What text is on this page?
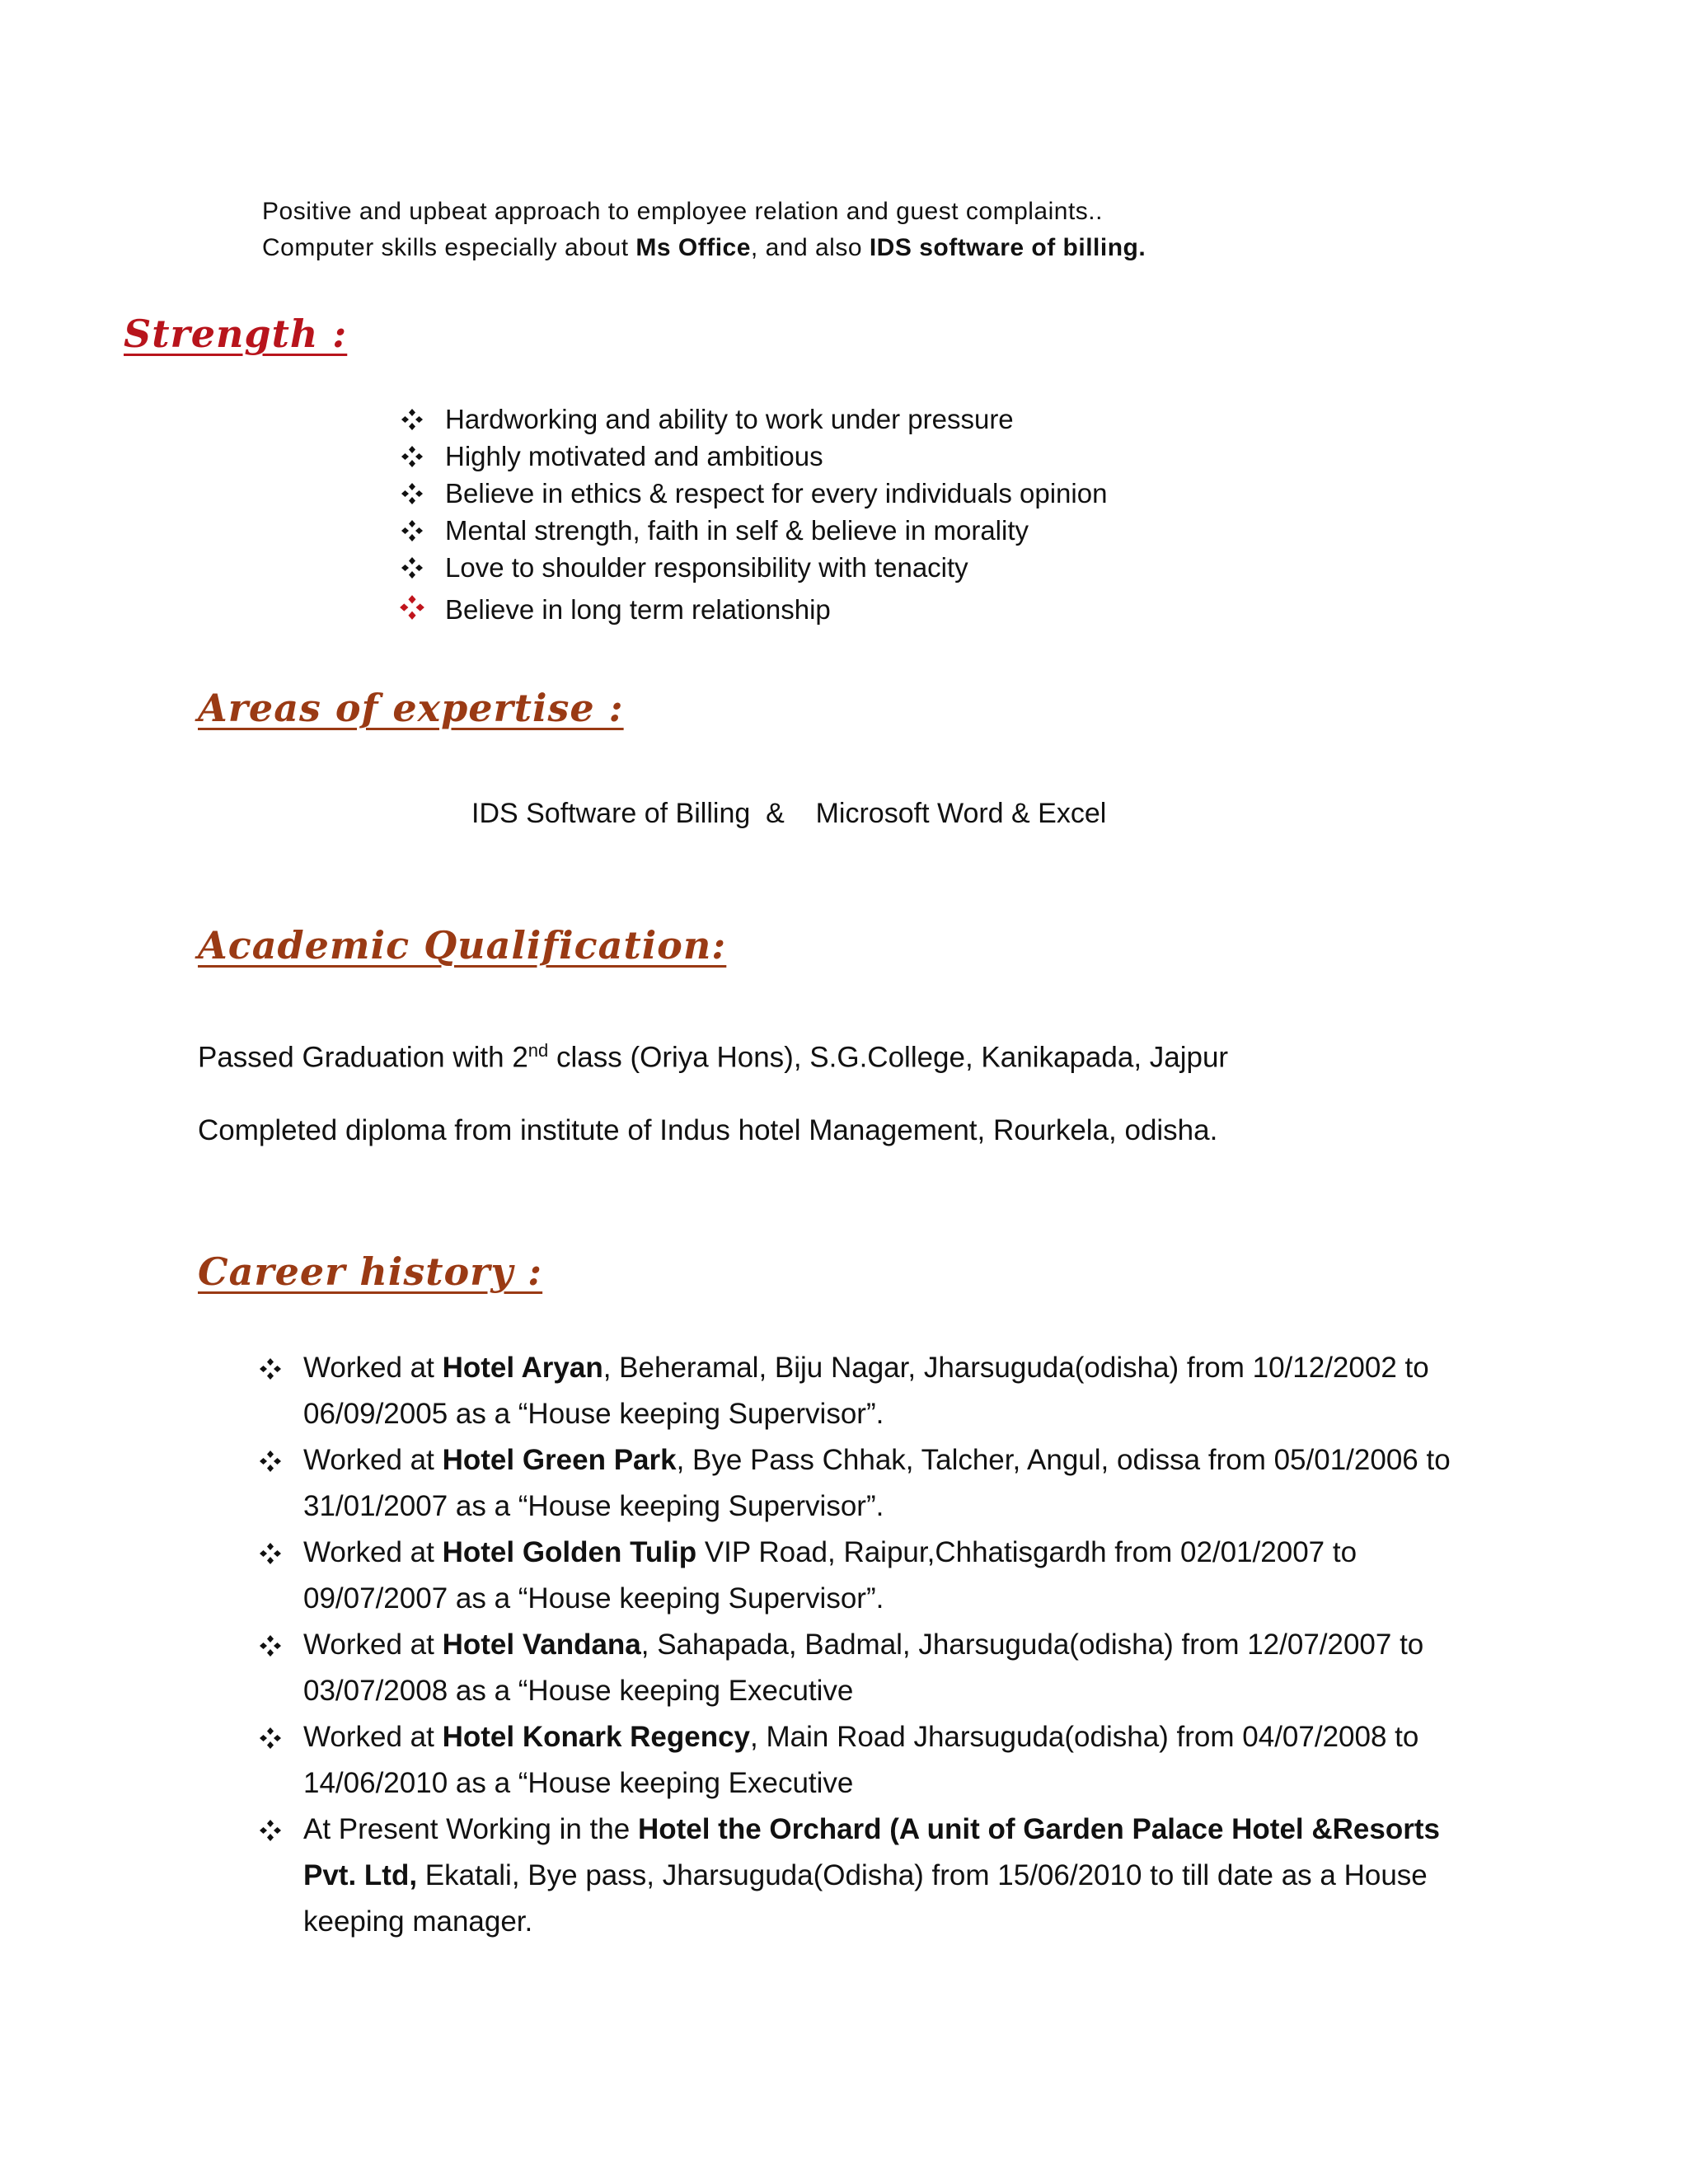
Positive and upbeat approach to employee relation and guest complaints..
Computer skills especially about Ms Office, and also IDS software of billing.
Strength :
Hardworking and ability to work under pressure
Highly motivated and ambitious
Believe in ethics & respect for every individuals opinion
Mental strength, faith in self & believe in morality
Love to shoulder responsibility with tenacity
Believe in long term relationship
Areas of expertise :
IDS Software of Billing  &    Microsoft Word & Excel
Academic Qualification:
Passed Graduation with 2nd class (Oriya Hons), S.G.College, Kanikapada, Jajpur
Completed diploma from institute of Indus hotel Management, Rourkela, odisha.
Career history :
Worked at Hotel Aryan, Beheramal, Biju Nagar, Jharsuguda(odisha) from 10/12/2002 to 06/09/2005 as a “House keeping Supervisor”.
Worked at Hotel Green Park, Bye Pass Chhak, Talcher, Angul, odissa from 05/01/2006 to 31/01/2007 as a “House keeping Supervisor”.
Worked at Hotel Golden Tulip VIP Road, Raipur,Chhatisgardh from 02/01/2007 to 09/07/2007 as a “House keeping Supervisor”.
Worked at Hotel Vandana, Sahapada, Badmal, Jharsuguda(odisha) from 12/07/2007 to 03/07/2008 as a “House keeping Executive
Worked at Hotel Konark Regency, Main Road Jharsuguda(odisha) from 04/07/2008 to 14/06/2010 as a “House keeping Executive
At Present Working in the Hotel the Orchard (A unit of Garden Palace Hotel &Resorts Pvt. Ltd, Ekatali, Bye pass, Jharsuguda(Odisha) from 15/06/2010 to till date as a House keeping manager.
